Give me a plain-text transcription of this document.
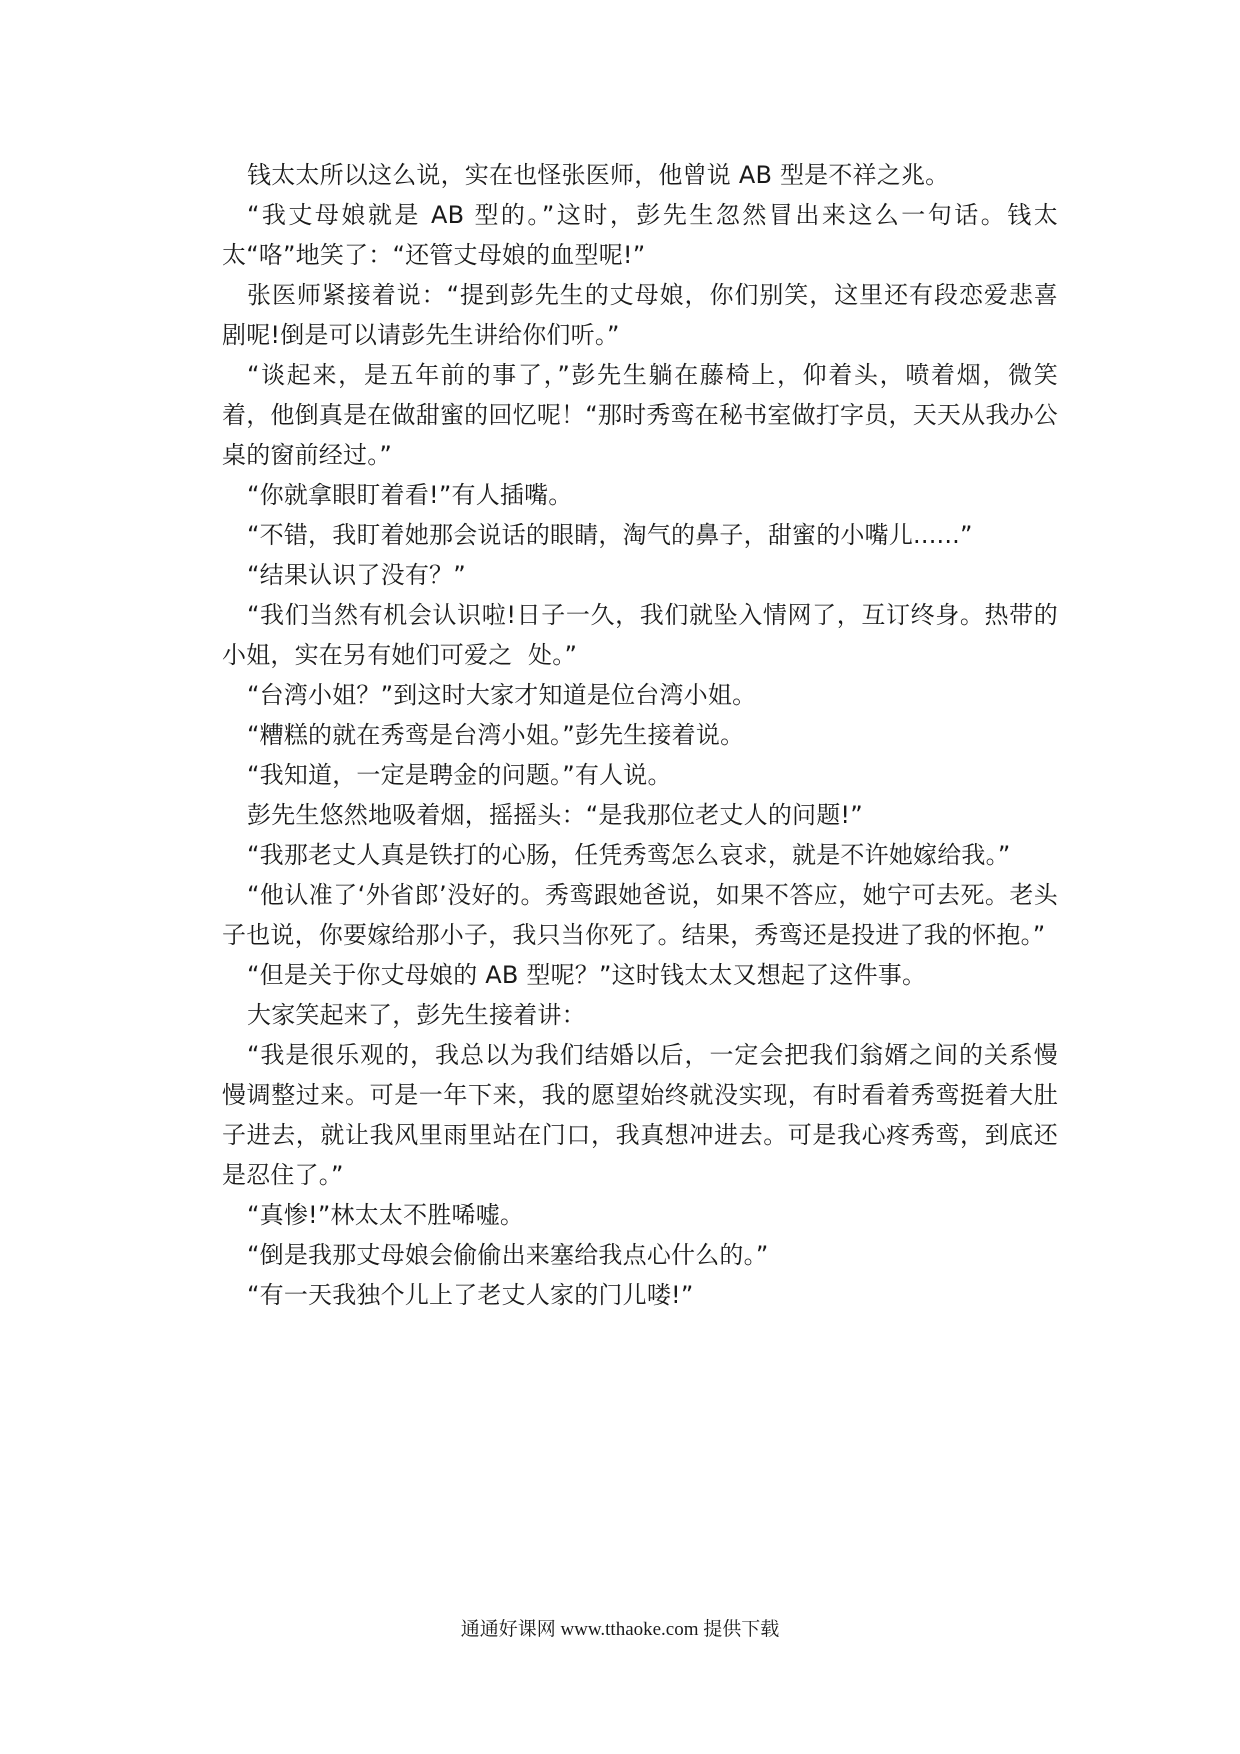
钱太太所以这么说，实在也怪张医师，他曾说 AB 型是不祥之兆。

“我丈母娘就是 AB 型的。”这时，彭先生忽然冒出来这么一句话。钱太太“咯”地笑了：“还管丈母娘的血型呢!”

张医师紧接着说：“提到彭先生的丈母娘，你们别笑，这里还有段恋爱悲喜剧呢!倒是可以请彭先生讲给你们听。”

“谈起来，是五年前的事了，”彭先生躺在藤椅上，仰着头，喷着烟，微笑着，他倒真是在做甜蜜的回忆呢！“那时秀鸾在秘书室做打字员，天天从我办公桌的窗前经过。”

“你就拿眼盯着看!”有人插嘴。

“不错，我盯着她那会说话的眼睛，淘气的鼻子，甜蜜的小嘴儿......”

“结果认识了没有？”

“我们当然有机会认识啦!日子一久，我们就坠入情网了，互订终身。热带的小姐，实在另有她们可爱之  处。”

“台湾小姐？”到这时大家才知道是位台湾小姐。

“糟糕的就在秀鸾是台湾小姐。”彭先生接着说。

“我知道，一定是聘金的问题。”有人说。

彭先生悠然地吸着烟，摇摇头：“是我那位老丈人的问题!”

“我那老丈人真是铁打的心肠，任凭秀鸾怎么哀求，就是不许她嫁给我。”

“他认准了‘外省郎’没好的。秀鸾跟她爸说，如果不答应，她宁可去死。老头子也说，你要嫁给那小子，我只当你死了。结果，秀鸾还是投进了我的怀抱。”

“但是关于你丈母娘的 AB 型呢？”这时钱太太又想起了这件事。

大家笑起来了，彭先生接着讲：

“我是很乐观的，我总以为我们结婚以后，一定会把我们翁婿之间的关系慢慢调整过来。可是一年下来，我的愿望始终就没实现，有时看着秀鸾挺着大肚子进去，就让我风里雨里站在门口，我真想冲进去。可是我心疼秀鸾，到底还是忍住了。”

“真惨!”林太太不胜唏嘘。

“倒是我那丈母娘会偷偷出来塞给我点心什么的。”

“有一天我独个儿上了老丈人家的门儿喽!”

通通好课网 www.tthaoke.com 提供下载
